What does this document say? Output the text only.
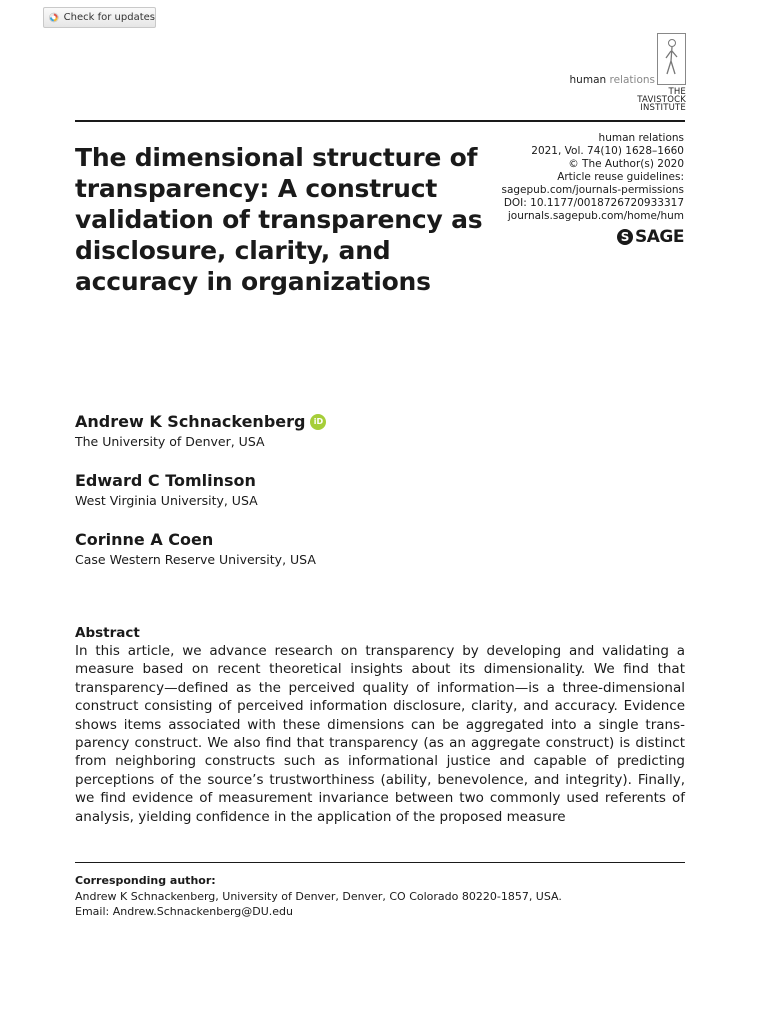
Check for updates
human relations
THE
TAVISTOCK
INSTITUTE
The dimensional structure of transparency: A construct validation of transparency as disclosure, clarity, and accuracy in organizations
human relations
2021, Vol. 74(10) 1628–1660
© The Author(s) 2020
Article reuse guidelines:
sagepub.com/journals-permissions
DOI: 10.1177/0018726720933317
journals.sagepub.com/home/hum
S SAGE
Andrew K Schnackenberg	iD
The University of Denver, USA
Edward C Tomlinson
West Virginia University, USA
Corinne A Coen
Case Western Reserve University, USA
Abstract
In this article, we advance research on transparency by developing and validating a measure based on recent theoretical insights about its dimensionality. We find that transparency—defined as the perceived quality of information—is a three-dimensional construct consisting of perceived information disclosure, clarity, and accuracy. Evidence shows items associated with these dimensions can be aggregated into a single trans-parency construct. We also find that transparency (as an aggregate construct) is distinct from neighboring constructs such as informational justice and capable of predicting perceptions of the source’s trustworthiness (ability, benevolence, and integrity). Finally, we find evidence of measurement invariance between two commonly used referents of analysis, yielding confidence in the application of the proposed measure
Corresponding author:
Andrew K Schnackenberg, University of Denver, Denver, CO Colorado 80220-1857, USA.
Email: Andrew.Schnackenberg@DU.edu
